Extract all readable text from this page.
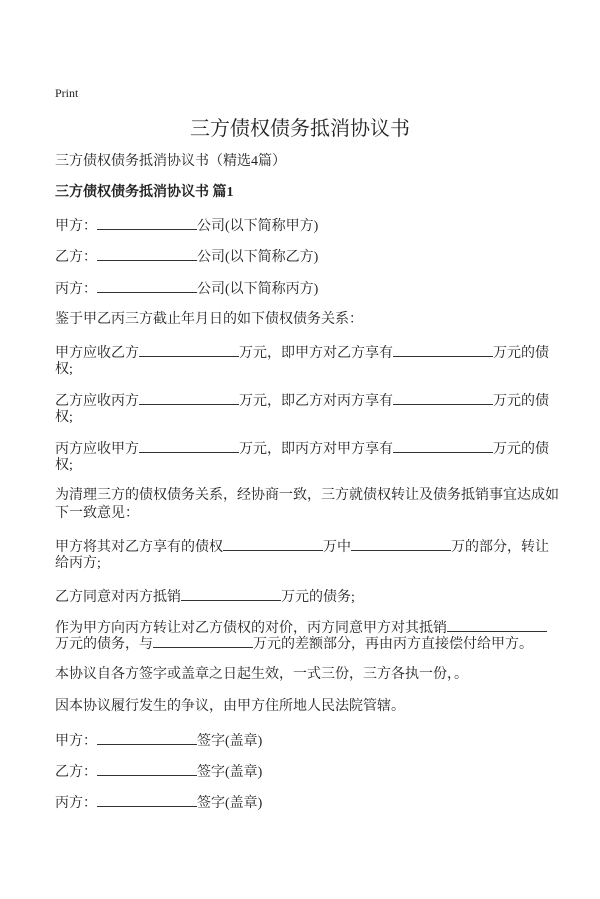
Print
三方债权债务抵消协议书
三方债权债务抵消协议书（精选4篇）
三方债权债务抵消协议书 篇1
甲方：	公司(以下简称甲方)
乙方：	公司(以下简称乙方)
丙方：	公司(以下简称丙方)
鉴于甲乙丙三方截止年月日的如下债权债务关系：
甲方应收乙方	万元，即甲方对乙方享有	万元的债
权;
乙方应收丙方	万元，即乙方对丙方享有	万元的债
权;
丙方应收甲方	万元，即丙方对甲方享有	万元的债
权;
为清理三方的债权债务关系，经协商一致，三方就债权转让及债务抵销事宜达成如
下一致意见：
甲方将其对乙方享有的债权	万中	万的部分，转让
给丙方;
乙方同意对丙方抵销	万元的债务;
作为甲方向丙方转让对乙方债权的对价，丙方同意甲方对其抵销
万元的债务，与	万元的差额部分，再由丙方直接偿付给甲方。
本协议自各方签字或盖章之日起生效，一式三份，三方各执一份，。
因本协议履行发生的争议，由甲方住所地人民法院管辖。
甲方：	签字(盖章)
乙方：	签字(盖章)
丙方：	签字(盖章)
